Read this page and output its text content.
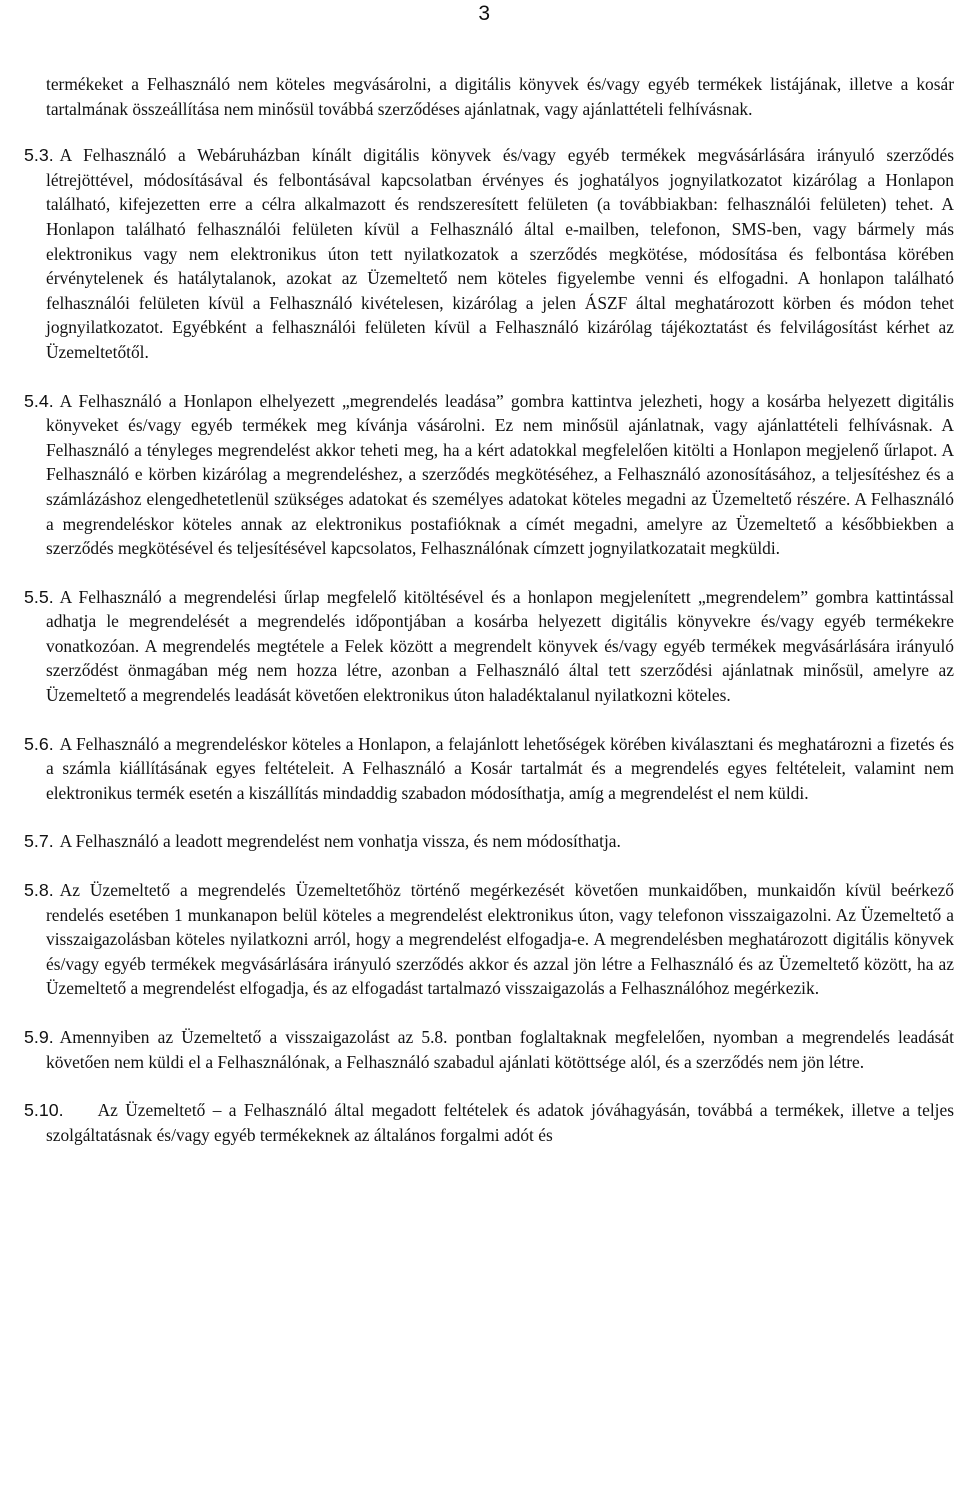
3

termékeket a Felhasználó nem köteles megvásárolni, a digitális könyvek és/vagy egyéb termékek listájának, illetve a kosár tartalmának összeállítása nem minősül továbbá szerződéses ajánlatnak, vagy ajánlattételi felhívásnak.

5.3. A Felhasználó a Webáruházban kínált digitális könyvek és/vagy egyéb termékek megvásárlására irányuló szerződés létrejöttével, módosításával és felbontásával kapcsolatban érvényes és joghatályos jognyilatkozatot kizárólag a Honlapon található, kifejezetten erre a célra alkalmazott és rendszeresített felületen (a továbbiakban: felhasználói felületen) tehet. A Honlapon található felhasználói felületen kívül a Felhasználó által e-mailben, telefonon, SMS-ben, vagy bármely más elektronikus vagy nem elektronikus úton tett nyilatkozatok a szerződés megkötése, módosítása és felbontása körében érvénytelenek és hatálytalanok, azokat az Üzemeltető nem köteles figyelembe venni és elfogadni. A honlapon található felhasználói felületen kívül a Felhasználó kivételesen, kizárólag a jelen ÁSZF által meghatározott körben és módon tehet jognyilatkozatot. Egyébként a felhasználói felületen kívül a Felhasználó kizárólag tájékoztatást és felvilágosítást kérhet az Üzemeltetőtől.

5.4. A Felhasználó a Honlapon elhelyezett „megrendelés leadása” gombra kattintva jelezheti, hogy a kosárba helyezett digitális könyveket és/vagy egyéb termékek meg kívánja vásárolni. Ez nem minősül ajánlatnak, vagy ajánlattételi felhívásnak. A Felhasználó a tényleges megrendelést akkor teheti meg, ha a kért adatokkal megfelelően kitölti a Honlapon megjelenő űrlapot. A Felhasználó e körben kizárólag a megrendeléshez, a szerződés megkötéséhez, a Felhasználó azonosításához, a teljesítéshez és a számlázáshoz elengedhetetlenül szükséges adatokat és személyes adatokat köteles megadni az Üzemeltető részére. A Felhasználó a megrendeléskor köteles annak az elektronikus postafióknak a címét megadni, amelyre az Üzemeltető a későbbiekben a szerződés megkötésével és teljesítésével kapcsolatos, Felhasználónak címzett jognyilatkozatait megküldi.

5.5. A Felhasználó a megrendelési űrlap megfelelő kitöltésével és a honlapon megjelenített „megrendelem” gombra kattintással adhatja le megrendelését a megrendelés időpontjában a kosárba helyezett digitális könyvekre és/vagy egyéb termékekre vonatkozóan. A megrendelés megtétele a Felek között a megrendelt könyvek és/vagy egyéb termékek megvásárlására irányuló szerződést önmagában még nem hozza létre, azonban a Felhasználó által tett szerződési ajánlatnak minősül, amelyre az Üzemeltető a megrendelés leadását követően elektronikus úton haladéktalanul nyilatkozni köteles.

5.6. A Felhasználó a megrendeléskor köteles a Honlapon, a felajánlott lehetőségek körében kiválasztani és meghatározni a fizetés és a számla kiállításának egyes feltételeit. A Felhasználó a Kosár tartalmát és a megrendelés egyes feltételeit, valamint nem elektronikus termék esetén a kiszállítás mindaddig szabadon módosíthatja, amíg a megrendelést el nem küldi.

5.7. A Felhasználó a leadott megrendelést nem vonhatja vissza, és nem módosíthatja.

5.8. Az Üzemeltető a megrendelés Üzemeltetőhöz történő megérkezését követően munkaidőben, munkaidőn kívül beérkező rendelés esetében 1 munkanapon belül köteles a megrendelést elektronikus úton, vagy telefonon visszaigazolni. Az Üzemeltető a visszaigazolásban köteles nyilatkozni arról, hogy a megrendelést elfogadja-e. A megrendelésben meghatározott digitális könyvek és/vagy egyéb termékek megvásárlására irányuló szerződés akkor és azzal jön létre a Felhasználó és az Üzemeltető között, ha az Üzemeltető a megrendelést elfogadja, és az elfogadást tartalmazó visszaigazolás a Felhasználóhoz megérkezik.

5.9. Amennyiben az Üzemeltető a visszaigazolást az 5.8. pontban foglaltaknak megfelelően, nyomban a megrendelés leadását követően nem küldi el a Felhasználónak, a Felhasználó szabadul ajánlati kötöttsége alól, és a szerződés nem jön létre.

5.10. Az Üzemeltető – a Felhasználó által megadott feltételek és adatok jóváhagyásán, továbbá a termékek, illetve a teljes szolgáltatásnak és/vagy egyéb termékeknek az általános forgalmi adót és
